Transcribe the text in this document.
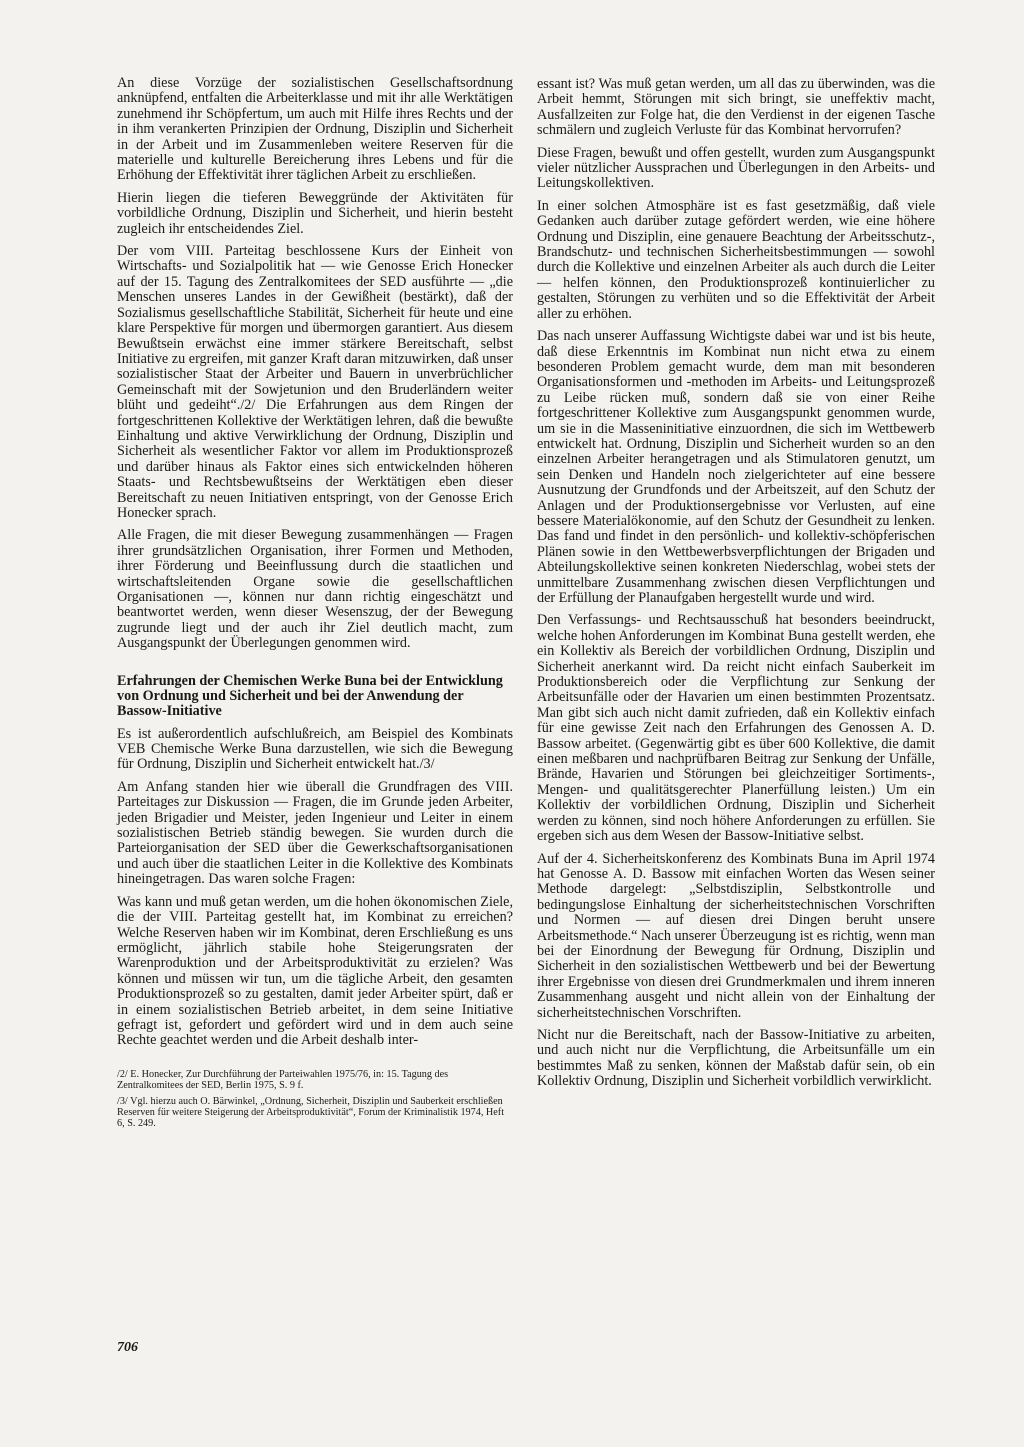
An diese Vorzüge der sozialistischen Gesellschaftsordnung anknüpfend, entfalten die Arbeiterklasse und mit ihr alle Werktätigen zunehmend ihr Schöpfertum, um auch mit Hilfe ihres Rechts und der in ihm verankerten Prinzipien der Ordnung, Disziplin und Sicherheit in der Arbeit und im Zusammenleben weitere Reserven für die materielle und kulturelle Bereicherung ihres Lebens und für die Erhöhung der Effektivität ihrer täglichen Arbeit zu erschließen.

Hierin liegen die tieferen Beweggründe der Aktivitäten für vorbildliche Ordnung, Disziplin und Sicherheit, und hierin besteht zugleich ihr entscheidendes Ziel.

Der vom VIII. Parteitag beschlossene Kurs der Einheit von Wirtschafts- und Sozialpolitik hat — wie Genosse Erich Honecker auf der 15. Tagung des Zentralkomitees der SED ausführte — „die Menschen unseres Landes in der Gewißheit (bestärkt), daß der Sozialismus gesellschaftliche Stabilität, Sicherheit für heute und eine klare Perspektive für morgen und übermorgen garantiert. Aus diesem Bewußtsein erwächst eine immer stärkere Bereitschaft, selbst Initiative zu ergreifen, mit ganzer Kraft daran mitzuwirken, daß unser sozialistischer Staat der Arbeiter und Bauern in unverbrüchlicher Gemeinschaft mit der Sowjetunion und den Bruderländern weiter blüht und gedeiht“./2/ Die Erfahrungen aus dem Ringen der fortgeschrittenen Kollektive der Werktätigen lehren, daß die bewußte Einhaltung und aktive Verwirklichung der Ordnung, Disziplin und Sicherheit als wesentlicher Faktor vor allem im Produktionsprozeß und darüber hinaus als Faktor eines sich entwickelnden höheren Staats- und Rechtsbewußtseins der Werktätigen eben dieser Bereitschaft zu neuen Initiativen entspringt, von der Genosse Erich Honecker sprach.

Alle Fragen, die mit dieser Bewegung zusammenhängen — Fragen ihrer grundsätzlichen Organisation, ihrer Formen und Methoden, ihrer Förderung und Beeinflussung durch die staatlichen und wirtschaftsleitenden Organe sowie die gesellschaftlichen Organisationen —, können nur dann richtig eingeschätzt und beantwortet werden, wenn dieser Wesenszug, der der Bewegung zugrunde liegt und der auch ihr Ziel deutlich macht, zum Ausgangspunkt der Überlegungen genommen wird.

Erfahrungen der Chemischen Werke Buna bei der Entwicklung von Ordnung und Sicherheit und bei der Anwendung der Bassow-Initiative

Es ist außerordentlich aufschlußreich, am Beispiel des Kombinats VEB Chemische Werke Buna darzustellen, wie sich die Bewegung für Ordnung, Disziplin und Sicherheit entwickelt hat./3/

Am Anfang standen hier wie überall die Grundfragen des VIII. Parteitages zur Diskussion — Fragen, die im Grunde jeden Arbeiter, jeden Brigadier und Meister, jeden Ingenieur und Leiter in einem sozialistischen Betrieb ständig bewegen. Sie wurden durch die Parteiorganisation der SED über die Gewerkschaftsorganisationen und auch über die staatlichen Leiter in die Kollektive des Kombinats hineingetragen. Das waren solche Fragen:

Was kann und muß getan werden, um die hohen ökonomischen Ziele, die der VIII. Parteitag gestellt hat, im Kombinat zu erreichen? Welche Reserven haben wir im Kombinat, deren Erschließung es uns ermöglicht, jährlich stabile hohe Steigerungsraten der Warenproduktion und der Arbeitsproduktivität zu erzielen? Was können und müssen wir tun, um die tägliche Arbeit, den gesamten Produktionsprozeß so zu gestalten, damit jeder Arbeiter spürt, daß er in einem sozialistischen Betrieb arbeitet, in dem seine Initiative gefragt ist, gefordert und gefördert wird und in dem auch seine Rechte geachtet werden und die Arbeit deshalb inter-

/2/ E. Honecker, Zur Durchführung der Parteiwahlen 1975/76, in: 15. Tagung des Zentralkomitees der SED, Berlin 1975, S. 9 f.

/3/ Vgl. hierzu auch O. Bärwinkel, „Ordnung, Sicherheit, Disziplin und Sauberkeit erschließen Reserven für weitere Steigerung der Arbeitsproduktivität“, Forum der Kriminalistik 1974, Heft 6, S. 249.

essant ist? Was muß getan werden, um all das zu überwinden, was die Arbeit hemmt, Störungen mit sich bringt, sie uneffektiv macht, Ausfallzeiten zur Folge hat, die den Verdienst in der eigenen Tasche schmälern und zugleich Verluste für das Kombinat hervorrufen?

Diese Fragen, bewußt und offen gestellt, wurden zum Ausgangspunkt vieler nützlicher Aussprachen und Überlegungen in den Arbeits- und Leitungskollektiven.

In einer solchen Atmosphäre ist es fast gesetzmäßig, daß viele Gedanken auch darüber zutage gefördert werden, wie eine höhere Ordnung und Disziplin, eine genauere Beachtung der Arbeitsschutz-, Brandschutz- und technischen Sicherheitsbestimmungen — sowohl durch die Kollektive und einzelnen Arbeiter als auch durch die Leiter — helfen können, den Produktionsprozeß kontinuierlicher zu gestalten, Störungen zu verhüten und so die Effektivität der Arbeit aller zu erhöhen.

Das nach unserer Auffassung Wichtigste dabei war und ist bis heute, daß diese Erkenntnis im Kombinat nun nicht etwa zu einem besonderen Problem gemacht wurde, dem man mit besonderen Organisationsformen und -methoden im Arbeits- und Leitungsprozeß zu Leibe rücken muß, sondern daß sie von einer Reihe fortgeschrittener Kollektive zum Ausgangspunkt genommen wurde, um sie in die Masseninitiative einzuordnen, die sich im Wettbewerb entwickelt hat. Ordnung, Disziplin und Sicherheit wurden so an den einzelnen Arbeiter herangetragen und als Stimulatoren genutzt, um sein Denken und Handeln noch zielgerichteter auf eine bessere Ausnutzung der Grundfonds und der Arbeitszeit, auf den Schutz der Anlagen und der Produktionsergebnisse vor Verlusten, auf eine bessere Materialökonomie, auf den Schutz der Gesundheit zu lenken. Das fand und findet in den persönlich- und kollektiv-schöpferischen Plänen sowie in den Wettbewerbsverpflichtungen der Brigaden und Abteilungskollektive seinen konkreten Niederschlag, wobei stets der unmittelbare Zusammenhang zwischen diesen Verpflichtungen und der Erfüllung der Planaufgaben hergestellt wurde und wird.

Den Verfassungs- und Rechtsausschuß hat besonders beeindruckt, welche hohen Anforderungen im Kombinat Buna gestellt werden, ehe ein Kollektiv als Bereich der vorbildlichen Ordnung, Disziplin und Sicherheit anerkannt wird. Da reicht nicht einfach Sauberkeit im Produktionsbereich oder die Verpflichtung zur Senkung der Arbeitsunfälle oder der Havarien um einen bestimmten Prozentsatz. Man gibt sich auch nicht damit zufrieden, daß ein Kollektiv einfach für eine gewisse Zeit nach den Erfahrungen des Genossen A. D. Bassow arbeitet. (Gegenwärtig gibt es über 600 Kollektive, die damit einen meßbaren und nachprüfbaren Beitrag zur Senkung der Unfälle, Brände, Havarien und Störungen bei gleichzeitiger Sortiments-, Mengen- und qualitätsgerechter Planerfüllung leisten.) Um ein Kollektiv der vorbildlichen Ordnung, Disziplin und Sicherheit werden zu können, sind noch höhere Anforderungen zu erfüllen. Sie ergeben sich aus dem Wesen der Bassow-Initiative selbst.

Auf der 4. Sicherheitskonferenz des Kombinats Buna im April 1974 hat Genosse A. D. Bassow mit einfachen Worten das Wesen seiner Methode dargelegt: „Selbstdisziplin, Selbstkontrolle und bedingungslose Einhaltung der sicherheitstechnischen Vorschriften und Normen — auf diesen drei Dingen beruht unsere Arbeitsmethode.“ Nach unserer Überzeugung ist es richtig, wenn man bei der Einordnung der Bewegung für Ordnung, Disziplin und Sicherheit in den sozialistischen Wettbewerb und bei der Bewertung ihrer Ergebnisse von diesen drei Grundmerkmalen und ihrem inneren Zusammenhang ausgeht und nicht allein von der Einhaltung der sicherheitstechnischen Vorschriften.

Nicht nur die Bereitschaft, nach der Bassow-Initiative zu arbeiten, und auch nicht nur die Verpflichtung, die Arbeitsunfälle um ein bestimmtes Maß zu senken, können der Maßstab dafür sein, ob ein Kollektiv Ordnung, Disziplin und Sicherheit vorbildlich verwirklicht.

706
